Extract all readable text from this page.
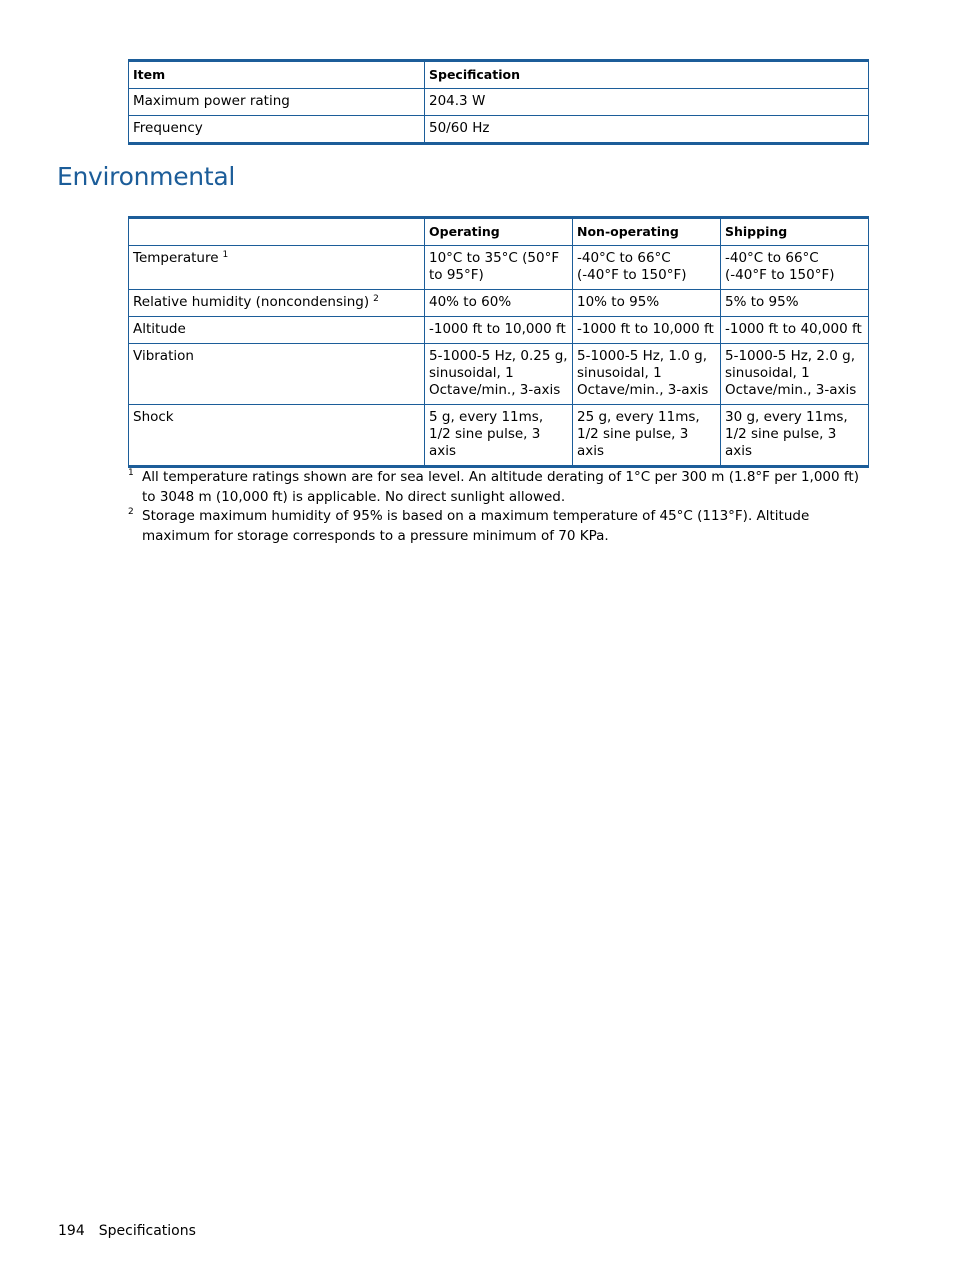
Item	Specification
Maximum power rating	204.3 W
Frequency	50/60 Hz
Environmental
	Operating	Non-operating	Shipping
Temperature $^1$	10°C to 35°C (50°F to 95°F)	-40°C to 66°C (-40°F to 150°F)	-40°C to 66°C (-40°F to 150°F)
Relative humidity (noncondensing) $^2$	40% to 60%	10% to 95%	5% to 95%
Altitude	-1000 ft to 10,000 ft	-1000 ft to 10,000 ft	-1000 ft to 40,000 ft
Vibration	5-1000-5 Hz, 0.25 g, sinusoidal, 1 Octave/min., 3-axis	5-1000-5 Hz, 1.0 g, sinusoidal, 1 Octave/min., 3-axis	5-1000-5 Hz, 2.0 g, sinusoidal, 1 Octave/min., 3-axis
Shock	5 g, every 11ms, 1/2 sine pulse, 3 axis	25 g, every 11ms, 1/2 sine pulse, 3 axis	30 g, every 11ms, 1/2 sine pulse, 3 axis
1 All temperature ratings shown are for sea level. An altitude derating of 1°C per 300 m (1.8°F per 1,000 ft) to 3048 m (10,000 ft) is applicable. No direct sunlight allowed.
2 Storage maximum humidity of 95% is based on a maximum temperature of 45°C (113°F). Altitude maximum for storage corresponds to a pressure minimum of 70 KPa.
194 Specifications
